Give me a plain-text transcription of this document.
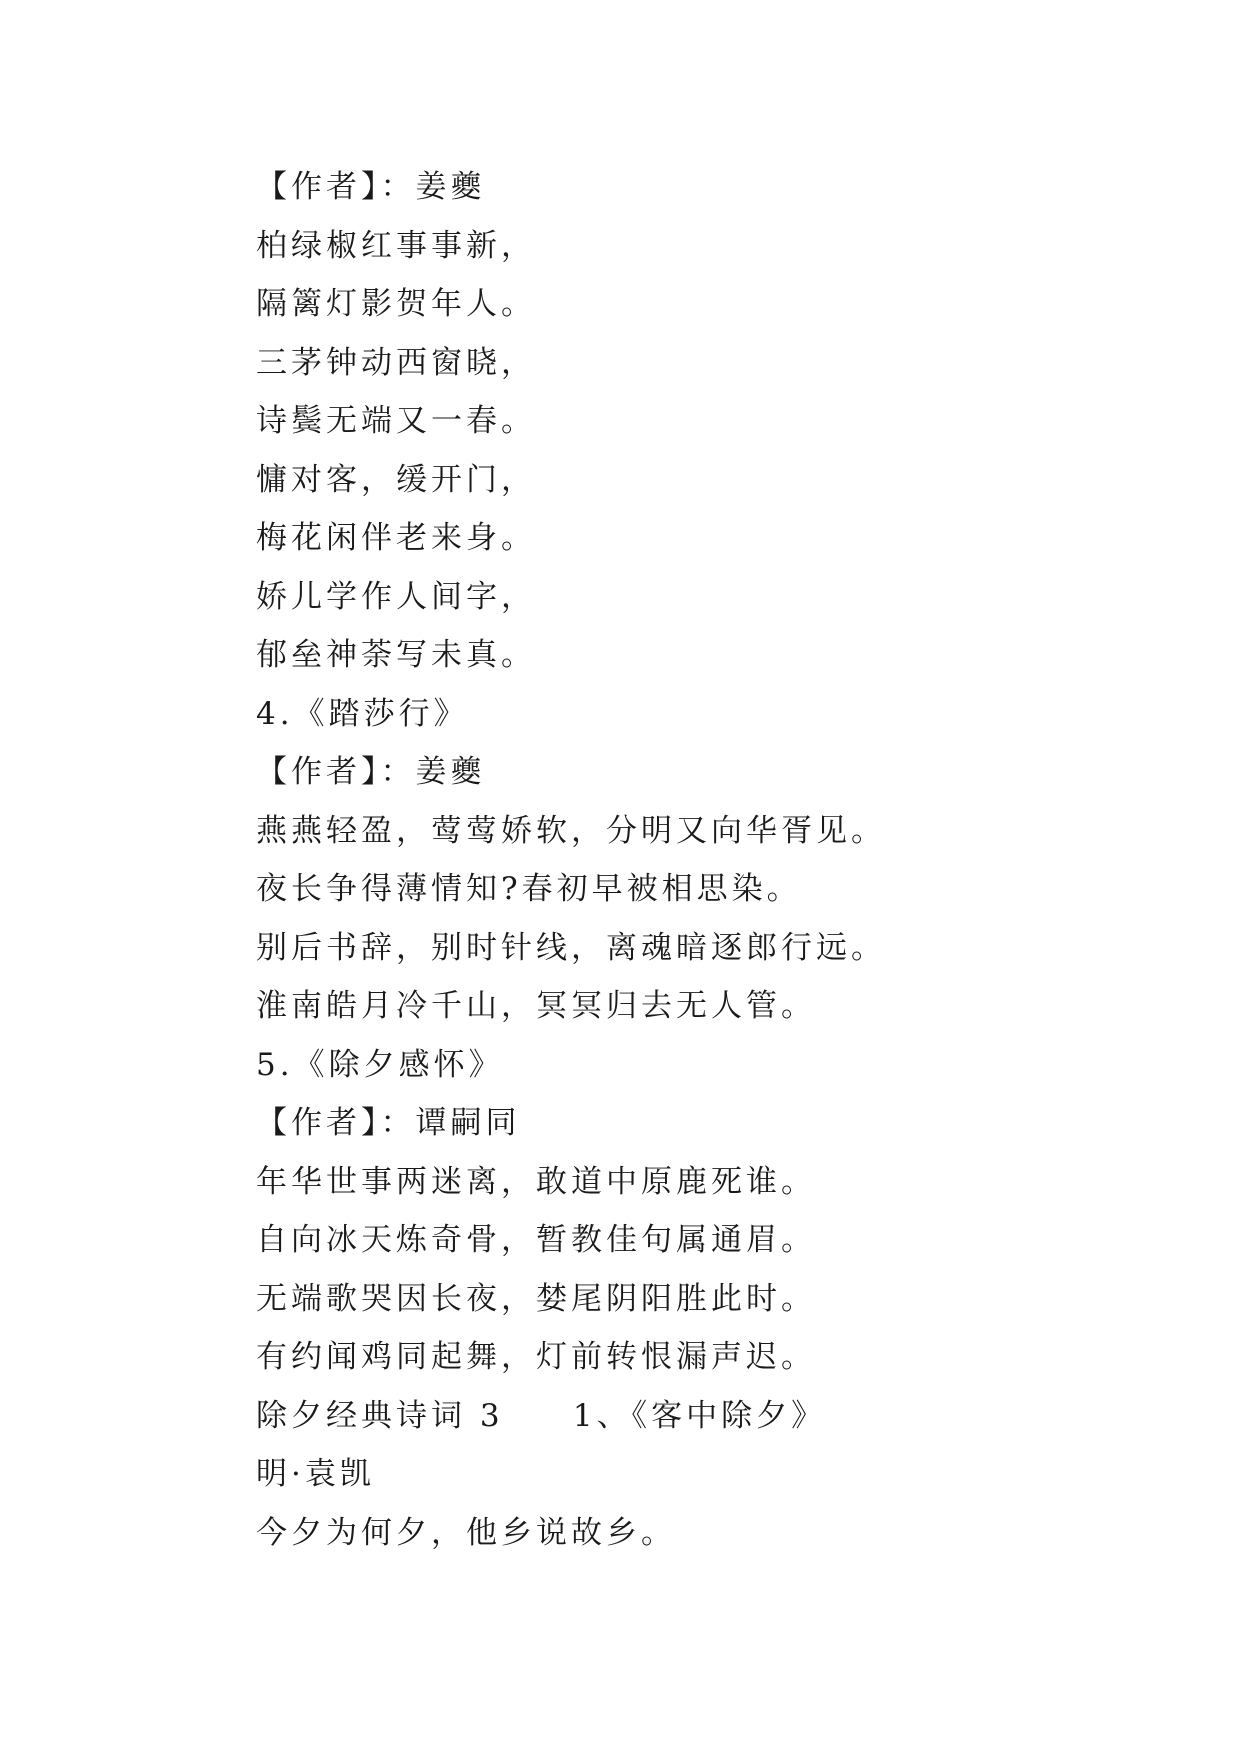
【作者】：姜夔
柏绿椒红事事新，
隔篱灯影贺年人。
三茅钟动西窗晓，
诗鬓无端又一春。
慵对客，缓开门，
梅花闲伴老来身。
娇儿学作人间字，
郁垒神荼写未真。
4.《踏莎行》
【作者】：姜夔
燕燕轻盈，莺莺娇软，分明又向华胥见。
夜长争得薄情知?春初早被相思染。
别后书辞，别时针线，离魂暗逐郎行远。
淮南皓月冷千山，冥冥归去无人管。
5.《除夕感怀》
【作者】：谭嗣同
年华世事两迷离，敢道中原鹿死谁。
自向冰天炼奇骨，暂教佳句属通眉。
无端歌哭因长夜，婪尾阴阳胜此时。
有约闻鸡同起舞，灯前转恨漏声迟。
除夕经典诗词 3     1、《客中除夕》
明·袁凯
今夕为何夕，他乡说故乡。
